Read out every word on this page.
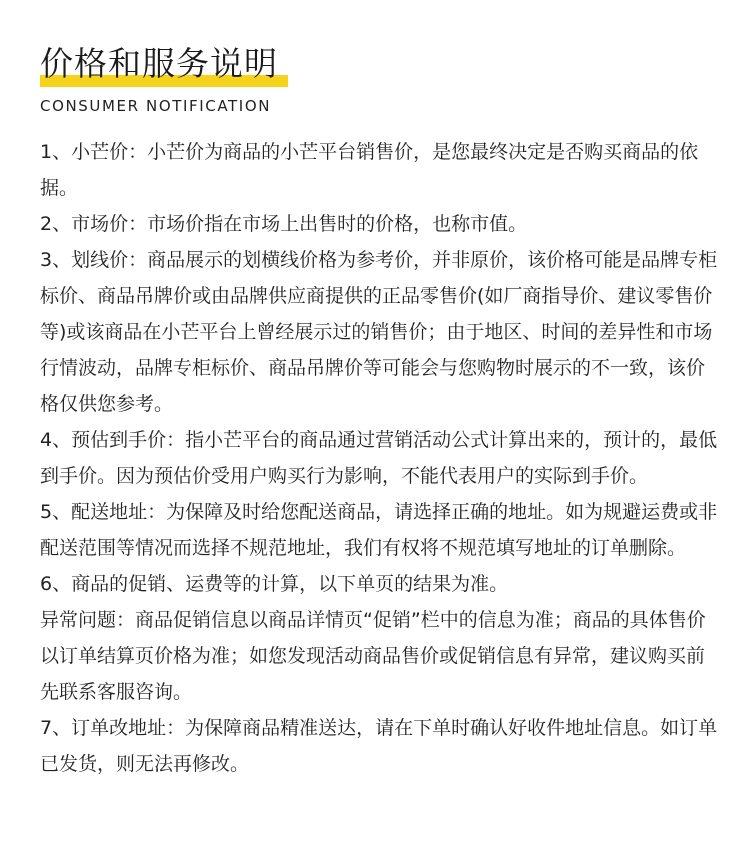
价格和服务说明
CONSUMER NOTIFICATION

1、小芒价：小芒价为商品的小芒平台销售价，是您最终决定是否购买商品的依据。

2、市场价：市场价指在市场上出售时的价格，也称市值。

3、划线价：商品展示的划横线价格为参考价，并非原价，该价格可能是品牌专柜标价、商品吊牌价或由品牌供应商提供的正品零售价(如厂商指导价、建议零售价等)或该商品在小芒平台上曾经展示过的销售价；由于地区、时间的差异性和市场行情波动，品牌专柜标价、商品吊牌价等可能会与您购物时展示的不一致，该价格仅供您参考。

4、预估到手价：指小芒平台的商品通过营销活动公式计算出来的，预计的，最低到手价。因为预估价受用户购买行为影响，不能代表用户的实际到手价。

5、配送地址：为保障及时给您配送商品，请选择正确的地址。如为规避运费或非配送范围等情况而选择不规范地址，我们有权将不规范填写地址的订单删除。

6、商品的促销、运费等的计算，以下单页的结果为准。

异常问题：商品促销信息以商品详情页“促销”栏中的信息为准；商品的具体售价以订单结算页价格为准；如您发现活动商品售价或促销信息有异常，建议购买前先联系客服咨询。

7、订单改地址：为保障商品精准送达，请在下单时确认好收件地址信息。如订单已发货，则无法再修改。
